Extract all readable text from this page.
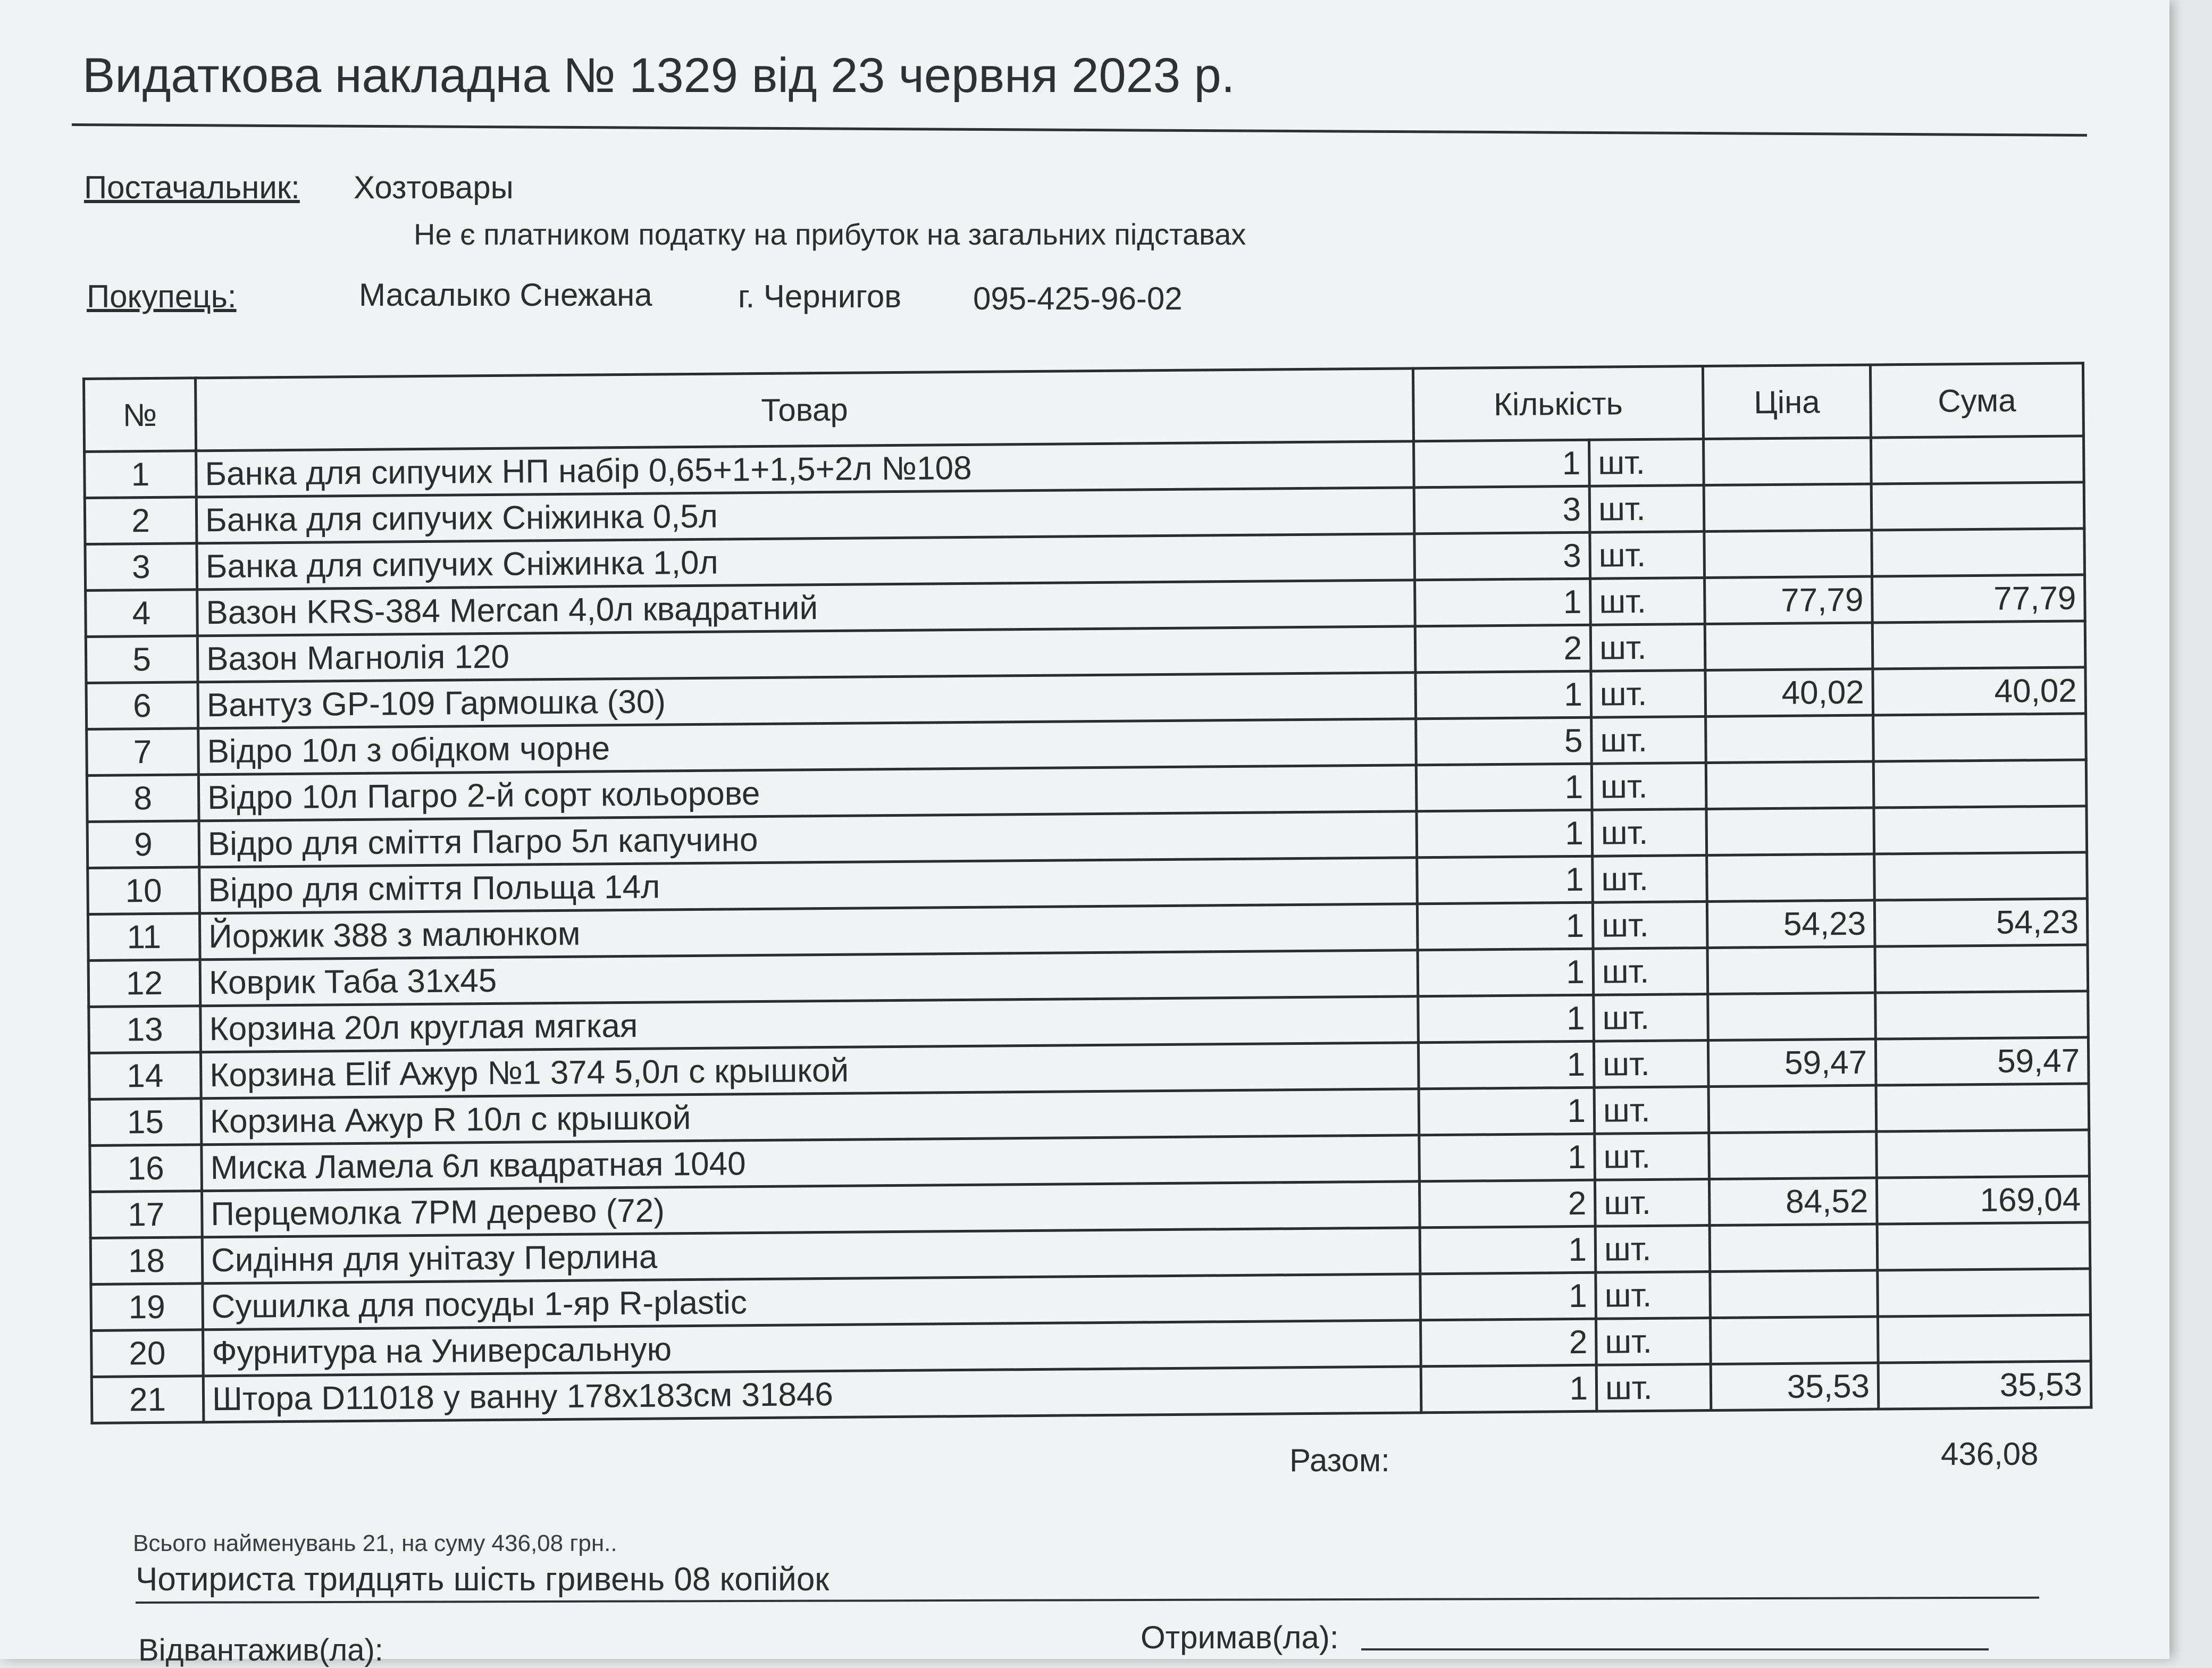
Видаткова накладна № 1329 від 23 червня 2023 р.
Постачальник: Хозтовары
Не є платником податку на прибуток на загальних підставах
Покупець:	Масалыко Снежана	г. Чернигов 095-425-96-02
№	Товар	Кількість		Ціна	Сума
1	Банка для сипучих НП набір 0,65+1+1,5+2л №108	1	шт.		
2	Банка для сипучих Сніжинка 0,5л	3	шт.		
3	Банка для сипучих Сніжинка 1,0л	3	шт.		
4	Вазон KRS-384 Mercan 4,0л квадратний	1	шт.	77,79	77,79
5	Вазон Магнолія 120	2	шт.		
6	Вантуз GP-109 Гармошка (30)	1	шт.	40,02	40,02
7	Відро 10л з обідком чорне	5	шт.		
8	Відро 10л Пагро 2-й сорт кольорове	1	шт.		
9	Відро для сміття Пагро 5л капучино	1	шт.		
10	Відро для сміття Польща 14л	1	шт.		
11	Йоржик 388 з малюнком	1	шт.	54,23	54,23
12	Коврик Таба 31х45	1	шт.		
13	Корзина 20л круглая мягкая	1	шт.		
14	Корзина Elif Ажур №1 374 5,0л с крышкой	1	шт.	59,47	59,47
15	Корзина Ажур R 10л с крышкой	1	шт.		
16	Миска Ламела 6л квадратная 1040	1	шт.		
17	Перцемолка 7PM дерево (72)	2	шт.	84,52	169,04
18	Сидіння для унітазу Перлина	1	шт.		
19	Сушилка для посуды 1-яр R-plastic	1	шт.		
20	Фурнитура на Универсальную	2	шт.		
21	Штора D11018 у ванну 178х183см 31846	1	шт.	35,53	35,53
Разом:	436,08
Всього найменувань 21, на суму 436,08 грн..
Чотириста тридцять шість гривень 08 копійок
Відвантажив(ла):	Отримав(ла):
